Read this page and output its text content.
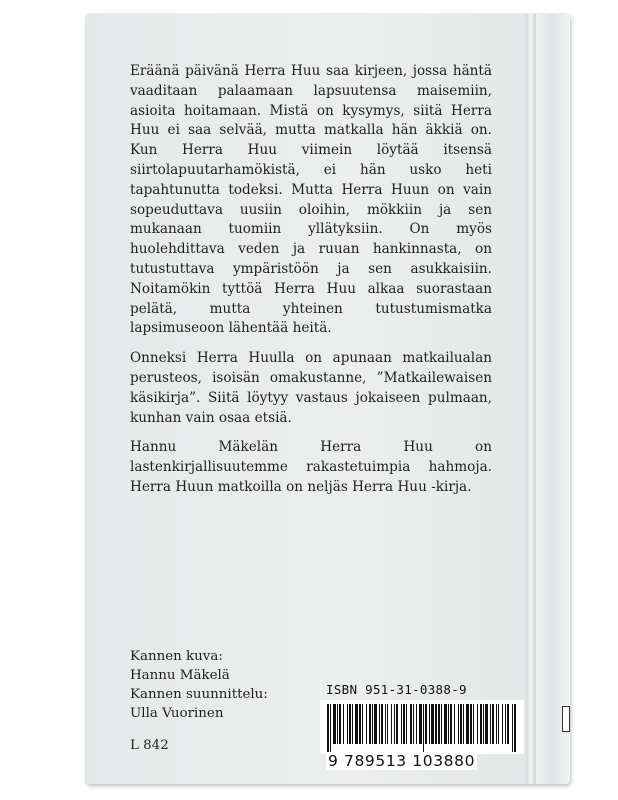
Eräänä päivänä Herra Huu saa kirjeen, jossa häntä vaaditaan palaamaan lapsuutensa maisemiin, asioita hoitamaan. Mistä on kysymys, siitä Herra Huu ei saa selvää, mutta matkalla hän äkkiä on. Kun Herra Huu viimein löytää itsensä siirtolapuutarhamökistä, ei hän usko heti tapahtunutta todeksi. Mutta Herra Huun on vain sopeuduttava uusiin oloihin, mökkiin ja sen mukanaan tuomiin yllätyksiin. On myös huolehdittava veden ja ruuan hankinnasta, on tutustuttava ympäristöön ja sen asukkaisiin. Noitamökin tyttöä Herra Huu alkaa suorastaan pelätä, mutta yhteinen tutustumismatka lapsimuseoon lähentää heitä.

Onneksi Herra Huulla on apunaan matkailualan perusteos, isoisän omakustanne, ”Matkailewaisen käsikirja”. Siitä löytyy vastaus jokaiseen pulmaan, kunhan vain osaa etsiä.

Hannu Mäkelän Herra Huu on lastenkirjallisuutemme rakastetuimpia hahmoja. Herra Huun matkoilla on neljäs Herra Huu -kirja.

Kannen kuva:
Hannu Mäkelä
Kannen suunnittelu:
Ulla Vuorinen
L 842
ISBN 951-31-0388-9
9 789513 103880
